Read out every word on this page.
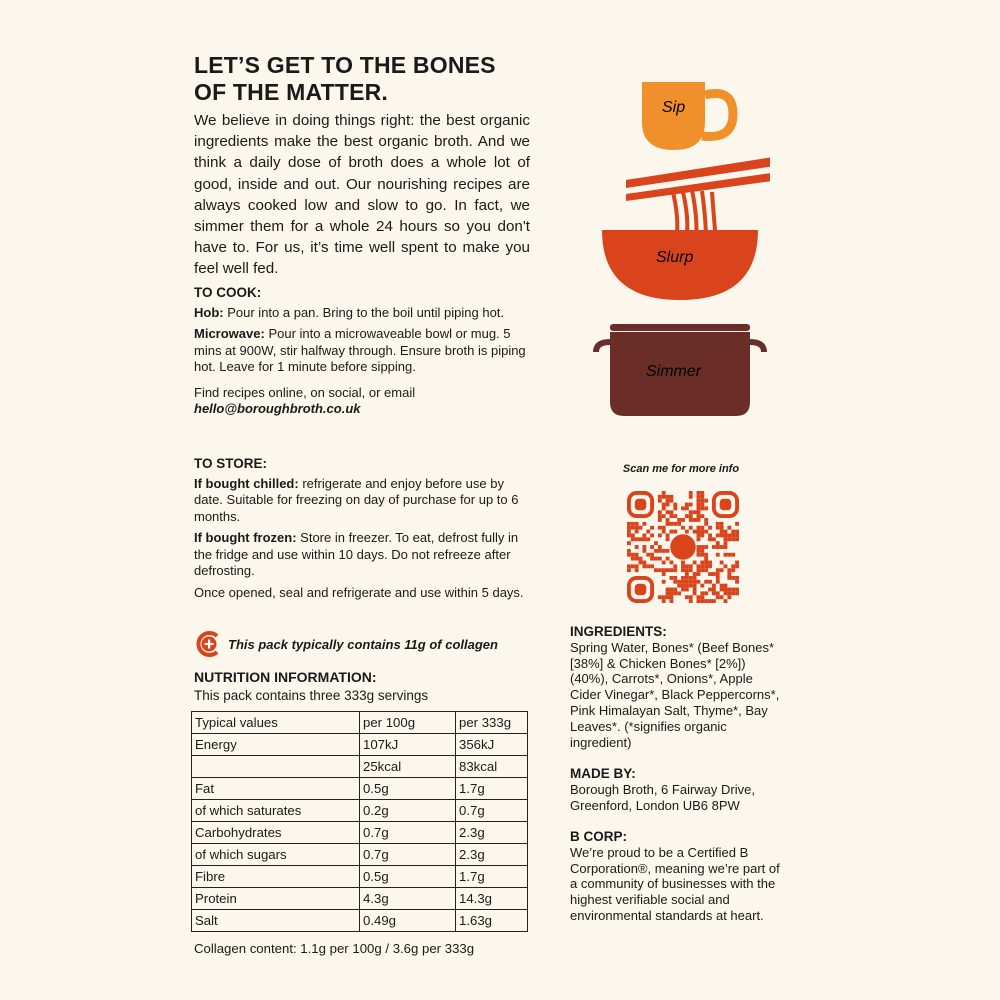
LET’S GET TO THE BONES
OF THE MATTER.
We believe in doing things right: the best organic ingredients make the best organic broth. And we think a daily dose of broth does a whole lot of good, inside and out. Our nourishing recipes are always cooked low and slow to go. In fact, we simmer them for a whole 24 hours so you don't have to. For us, it’s time well spent to make you feel well fed.
TO COOK:

Hob: Pour into a pan. Bring to the boil until piping hot.

Microwave: Pour into a microwaveable bowl or mug. 5 mins at 900W, stir halfway through. Ensure broth is piping hot. Leave for 1 minute before sipping.

Find recipes online, on social, or email
hello@boroughbroth.co.uk

TO STORE:

If bought chilled: refrigerate and enjoy before use by date. Suitable for freezing on day of purchase for up to 6 months.

If bought frozen: Store in freezer. To eat, defrost fully in the fridge and use within 10 days. Do not refreeze after defrosting.

Once opened, seal and refrigerate and use within 5 days.

This pack typically contains 11g of collagen
NUTRITION INFORMATION:
This pack contains three 333g servings
Typical values	per 100g	per 333g
Energy	107kJ	356kJ
	25kcal	83kcal
Fat	0.5g	1.7g
of which saturates	0.2g	0.7g
Carbohydrates	0.7g	2.3g
of which sugars	0.7g	2.3g
Fibre	0.5g	1.7g
Protein	4.3g	14.3g
Salt	0.49g	1.63g
Collagen content: 1.1g per 100g / 3.6g per 333g
Sip
Slurp
Simmer
Scan me for more info
INGREDIENTS:
Spring Water, Bones* (Beef Bones* [38%] & Chicken Bones* [2%]) (40%), Carrots*, Onions*, Apple Cider Vinegar*, Black Peppercorns*, Pink Himalayan Salt, Thyme*, Bay Leaves*. (*signifies organic ingredient)
MADE BY:
Borough Broth, 6 Fairway Drive, Greenford, London UB6 8PW
B CORP:
We’re proud to be a Certified B Corporation®, meaning we’re part of a community of businesses with the highest verifiable social and environmental standards at heart.
